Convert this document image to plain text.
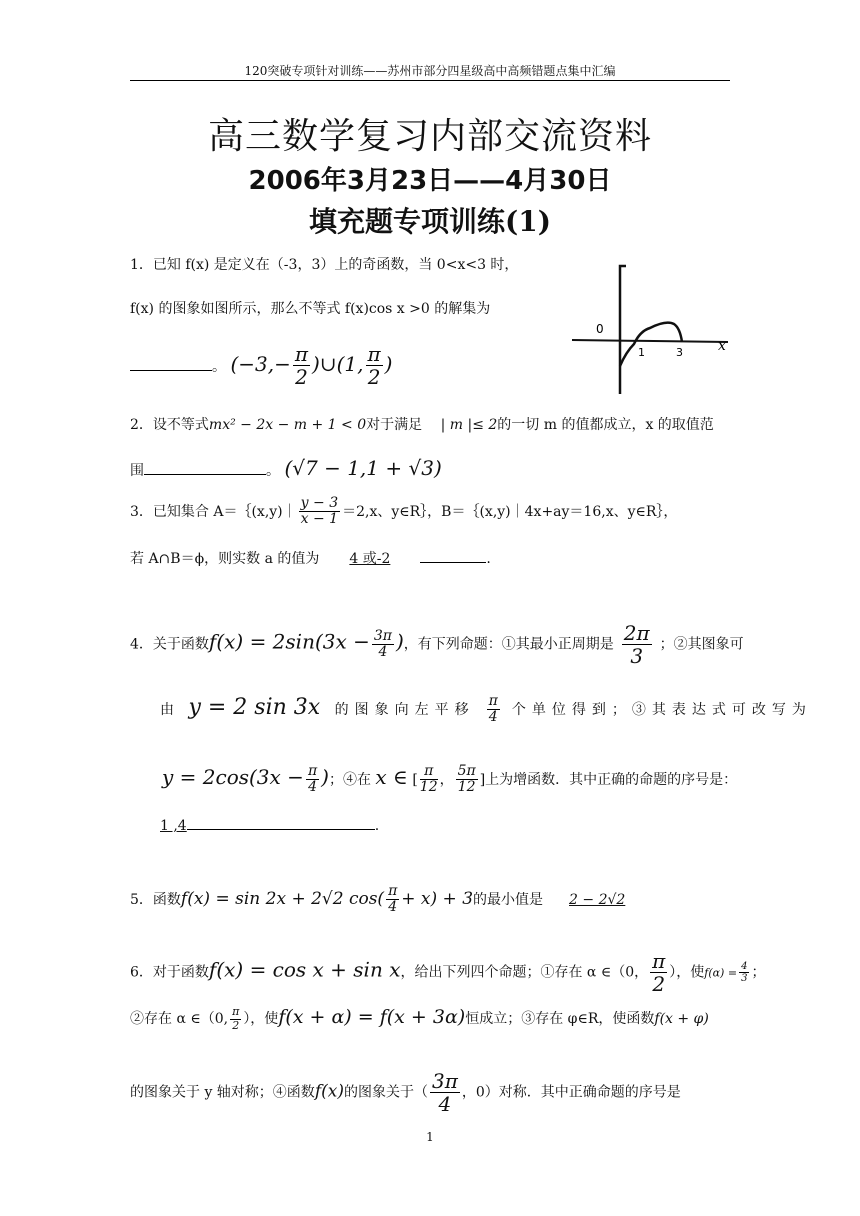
120突破专项针对训练——苏州市部分四星级高中高频错题点集中汇编
高三数学复习内部交流资料
2006年3月23日——4月30日
填充题专项训练(1)
1．已知 f(x) 是定义在（-3，3）上的奇函数，当 0<x<3 时，
f(x) 的图象如图所示，那么不等式 f(x)cos x >0 的解集为
。 ($-3,- \frac{\pi}{2}$ )∪(1, $\frac{\pi}{2}$ )
0
1	3	x
2．设不等式mx² − 2x − m + 1 < 0对于满足 | m |≤ 2的一切 m 的值都成立，x 的取值范
围	。 (√7 − 1,1 + √3)
3．已知集合 A＝｛(x,y)｜ $\frac{y - 3}{x - 1} =2,x$、y∈R｝，B＝｛(x,y)｜4x+ay＝16,x、y∈R｝，
若 A∩B＝ϕ，则实数 a 的值为 4 或-2	.
4．关于函数$f(x) = 2\sin(3x - \frac{3\pi}{4}$ )，有下列命题：①其最小正周期是 $\frac{2\pi}{3}$ ；②其图象可
由 y = 2 sin 3x 的图象向左平移 $\frac{\pi}{4}$ 个单位得到；③其表达式可改写为
$y = 2\cos(3x - \frac{\pi}{4}$ )；④在 x ∈ [ $\frac{\pi}{12}$ ， $\frac{5\pi}{12}$ ]上为增函数．其中正确的命题的序号是：
1 ,4	.
5．函数f(x) = sin 2x + 2√2 $\cos( \frac{\pi}{4} + x) + 3$的最小值是 2 − 2√2
6．对于函数f(x) = cos x + sin x，给出下列四个命题；①存在 α ∈（0， $\frac{\pi}{2}$ ），使$f(\alpha) = \frac{4}{3}$ ；
②存在 α ∈（0, $\frac{\pi}{2}$ ），使f(x + α) = f(x + 3α)恒成立；③存在 φ∈R，使函数f(x + φ)
的图象关于 y 轴对称；④函数f(x)的图象关于（ $\frac{3\pi}{4}$ ，0）对称．其中正确命题的序号是
1
